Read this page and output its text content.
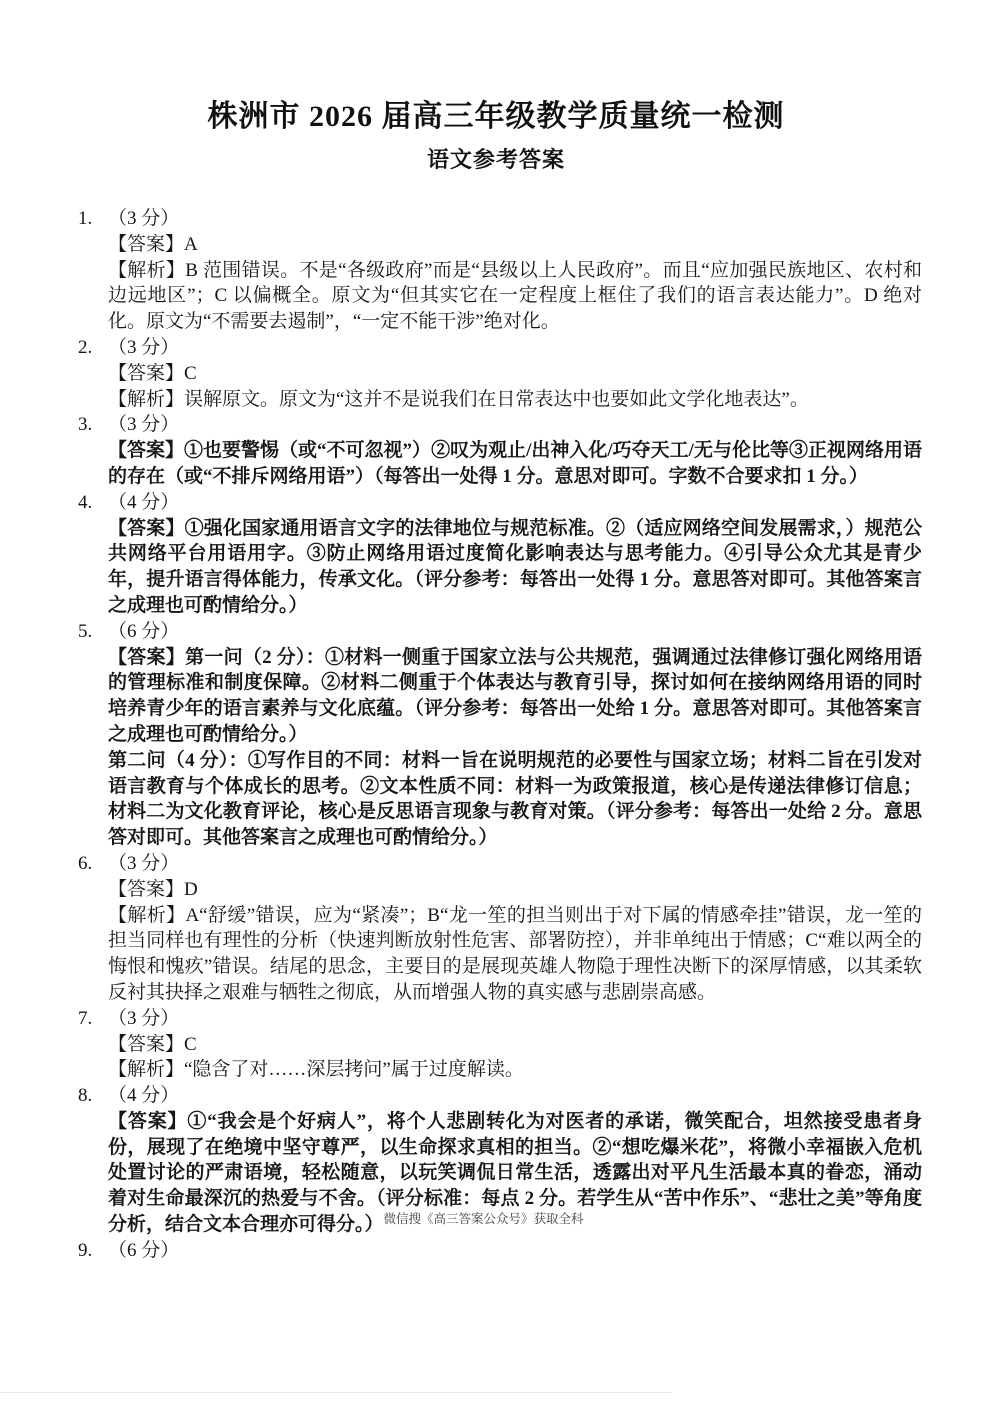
株洲市 2026 届高三年级教学质量统一检测
语文参考答案

1. （3 分）

【答案】A

【解析】B 范围错误。不是“各级政府”而是“县级以上人民政府”。而且“应加强民族地区、农村和边远地区”；C 以偏概全。原文为“但其实它在一定程度上框住了我们的语言表达能力”。D 绝对化。原文为“不需要去遏制”，“一定不能干涉”绝对化。

2. （3 分）

【答案】C

【解析】误解原文。原文为“这并不是说我们在日常表达中也要如此文学化地表达”。

3. （3 分）

【答案】①也要警惕（或“不可忽视”）②叹为观止/出神入化/巧夺天工/无与伦比等③正视网络用语的存在（或“不排斥网络用语”）（每答出一处得 1 分。意思对即可。字数不合要求扣 1 分。）

4. （4 分）

【答案】①强化国家通用语言文字的法律地位与规范标准。②（适应网络空间发展需求，）规范公共网络平台用语用字。③防止网络用语过度简化影响表达与思考能力。④引导公众尤其是青少年，提升语言得体能力，传承文化。（评分参考：每答出一处得 1 分。意思答对即可。其他答案言之成理也可酌情给分。）

5. （6 分）

【答案】第一问（2 分）：①材料一侧重于国家立法与公共规范，强调通过法律修订强化网络用语的管理标准和制度保障。②材料二侧重于个体表达与教育引导，探讨如何在接纳网络用语的同时培养青少年的语言素养与文化底蕴。（评分参考：每答出一处给 1 分。意思答对即可。其他答案言之成理也可酌情给分。）

第二问（4 分）：①写作目的不同：材料一旨在说明规范的必要性与国家立场；材料二旨在引发对语言教育与个体成长的思考。②文本性质不同：材料一为政策报道，核心是传递法律修订信息；材料二为文化教育评论，核心是反思语言现象与教育对策。（评分参考：每答出一处给 2 分。意思答对即可。其他答案言之成理也可酌情给分。）

6. （3 分）

【答案】D

【解析】A“舒缓”错误，应为“紧凑”；B“龙一笙的担当则出于对下属的情感牵挂”错误，龙一笙的担当同样也有理性的分析（快速判断放射性危害、部署防控），并非单纯出于情感；C“难以两全的悔恨和愧疚”错误。结尾的思念，主要目的是展现英雄人物隐于理性决断下的深厚情感，以其柔软反衬其抉择之艰难与牺牲之彻底，从而增强人物的真实感与悲剧崇高感。

7. （3 分）

【答案】C

【解析】“隐含了对……深层拷问”属于过度解读。

8. （4 分）

【答案】①“我会是个好病人”，将个人悲剧转化为对医者的承诺，微笑配合，坦然接受患者身份，展现了在绝境中坚守尊严，以生命探求真相的担当。②“想吃爆米花”，将微小幸福嵌入危机处置讨论的严肃语境，轻松随意，以玩笑调侃日常生活，透露出对平凡生活最本真的眷恋，涌动着对生命最深沉的热爱与不舍。（评分标准：每点 2 分。若学生从“苦中作乐”、“悲壮之美”等角度分析，结合文本合理亦可得分。）$^{微信搜《高三答案公众号》获取全科}$

9. （6 分）
